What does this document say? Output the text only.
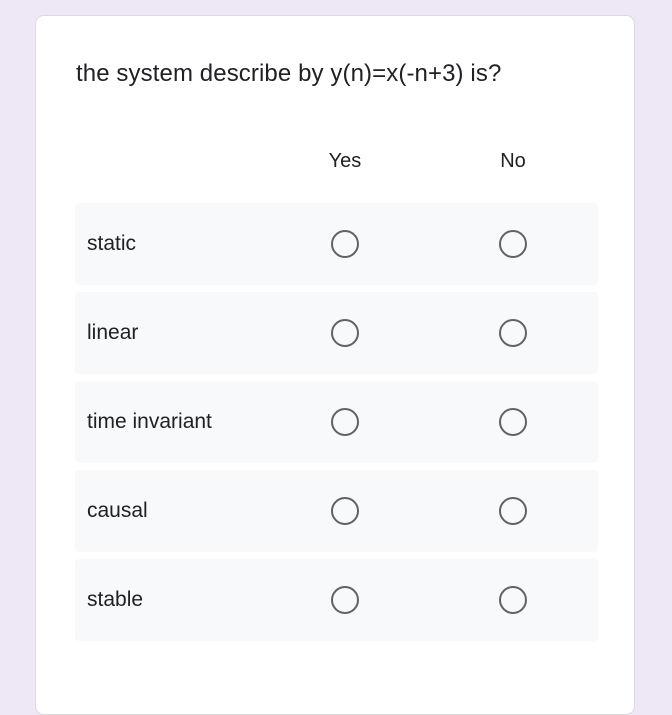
the system describe by y(n)=x(-n+3) is?
Yes	No
static
linear
time invariant
causal
stable
